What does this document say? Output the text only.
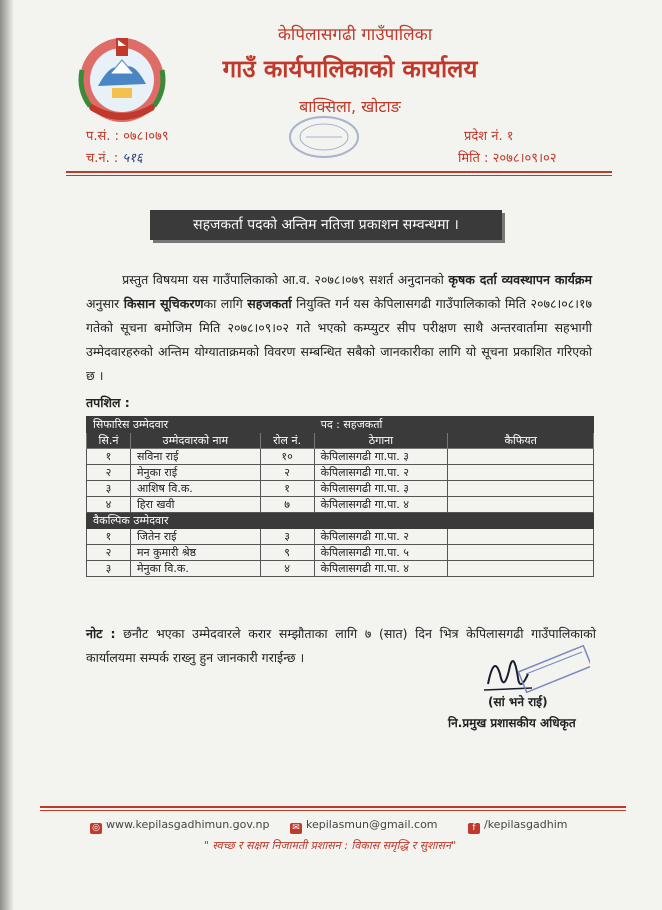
केपिलासगढी गाउँपालिका
गाउँ कार्यपालिकाको कार्यालय
बाक्सिला, खोटाङ
प.सं. : ०७८।०७९
च.नं. : ५१६
प्रदेश नं. १
मिति : २०७८।०९।०२
सहजकर्ता पदको अन्तिम नतिजा प्रकाशन सम्वन्धमा ।
प्रस्तुत विषयमा यस गाउँपालिकाको आ.व. २०७८।०७९ सशर्त अनुदानको कृषक दर्ता व्यवस्थापन कार्यक्रम अनुसार किसान सूचिकरणका लागि सहजकर्ता नियुक्ति गर्न यस केपिलासगढी गाउँपालिकाको मिति २०७८।०८।१७ गतेको सूचना बमोजिम मिति २०७८।०९।०२ गते भएको कम्प्युटर सीप परीक्षण साथै अन्तरवार्तामा सहभागी उम्मेदवारहरुको अन्तिम योग्याताक्रमको विवरण सम्बन्धित सबैको जानकारीका लागि यो सूचना प्रकाशित गरिएको छ ।
तपशिल :
सिफारिस उम्मेदवार			पद : सहजकर्ता	
सि.नं	उम्मेदवारको नाम	रोल नं.	ठेगाना	कैफियत
१	सविना राई	१०	केपिलासगढी गा.पा. ३	
२	मेनुका राई	२	केपिलासगढी गा.पा. २	
३	आशिष वि.क.	१	केपिलासगढी गा.पा. ३	
४	हिरा खवी	७	केपिलासगढी गा.पा. ४	
वैकल्पिक उम्मेदवार				
१	जितेन राई	३	केपिलासगढी गा.पा. २	
२	मन कुमारी श्रेष्ठ	९	केपिलासगढी गा.पा. ५	
३	मेनुका वि.क.	४	केपिलासगढी गा.पा. ४	
नोट : छनौट भएका उम्मेदवारले करार सम्झौताका लागि ७ (सात) दिन भित्र केपिलासगढी गाउँपालिकाको कार्यालयमा सम्पर्क राख्नु हुन जानकारी गराईन्छ ।
(सां भने राई)
नि.प्रमुख प्रशासकीय अधिकृत
◎ www.kepilasgadhimun.gov.np	✉ kepilasmun@gmail.com	f /kepilasgadhim
" स्वच्छ र सक्षम निजामती प्रशासन : विकास समृद्धि र सुशासन"
